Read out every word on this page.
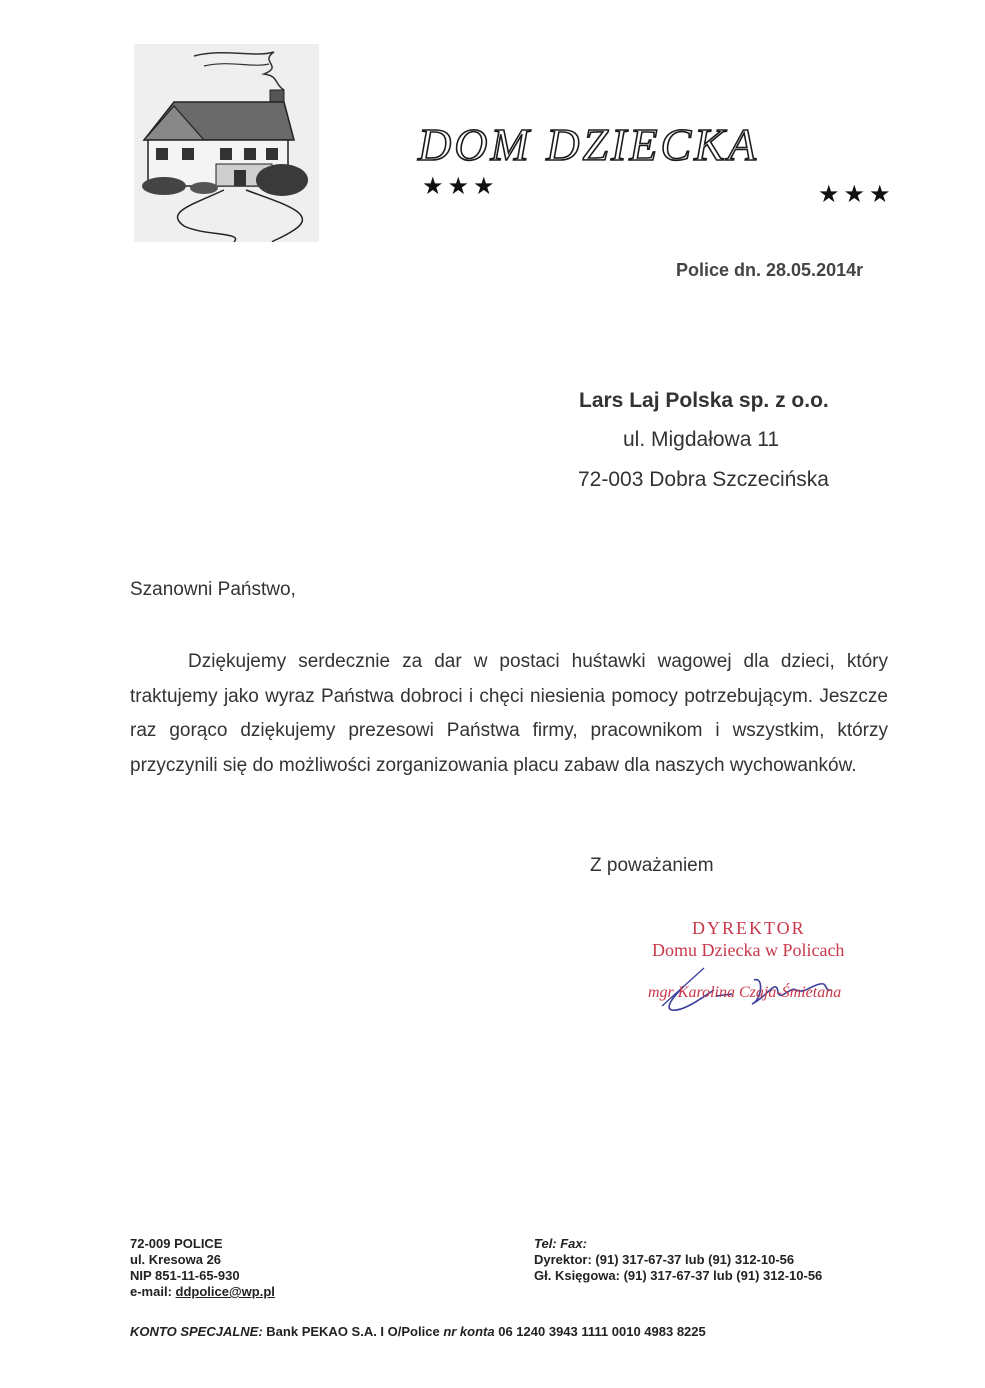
DOM DZIECKA
★★★	★★★
Police dn. 28.05.2014r
Lars Laj Polska sp. z o.o.
ul. Migdałowa 11
72-003 Dobra Szczecińska
Szanowni Państwo,
Dziękujemy serdecznie za dar w postaci huśtawki wagowej dla dzieci, który traktujemy jako wyraz Państwa dobroci i chęci niesienia pomocy potrzebującym. Jeszcze raz gorąco dziękujemy prezesowi Państwa firmy, pracownikom i wszystkim, którzy przyczynili się do możliwości zorganizowania placu zabaw dla naszych wychowanków.
Z poważaniem
DYREKTOR
Domu Dziecka w Policach
mgr Karolina Czaja-Śmietana
72-009 POLICE
ul. Kresowa 26
NIP 851-11-65-930
e-mail: ddpolice@wp.pl
Tel: Fax:
Dyrektor: (91) 317-67-37 lub (91) 312-10-56
Gł. Księgowa: (91) 317-67-37 lub (91) 312-10-56
KONTO SPECJALNE: Bank PEKAO S.A. I O/Police nr konta 06 1240 3943 1111 0010 4983 8225
